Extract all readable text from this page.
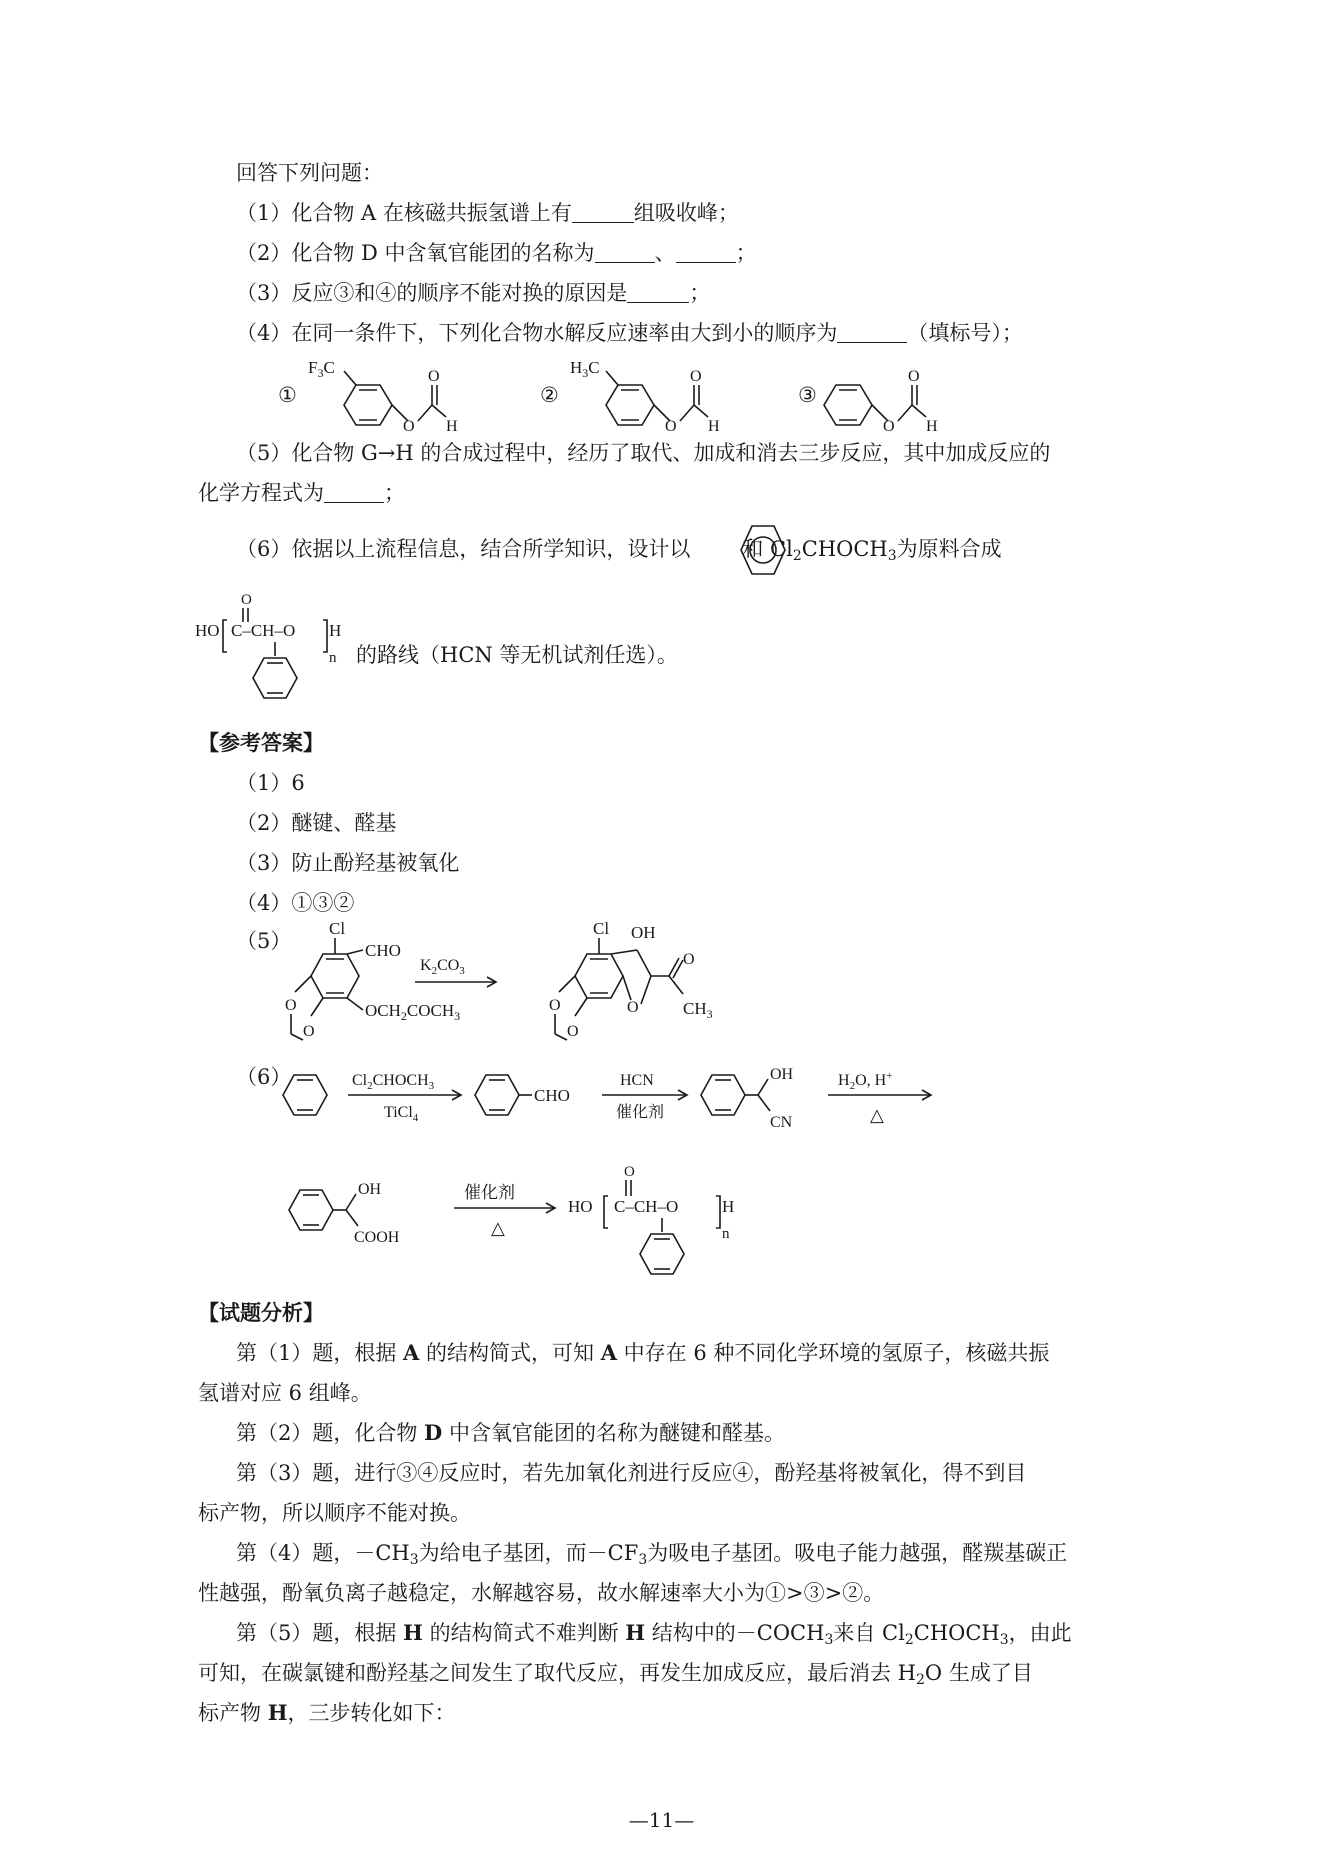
回答下列问题：
（1）化合物 A 在核磁共振氢谱上有	组吸收峰；
（2）化合物 D 中含氧官能团的名称为	、	；
（3）反应③和④的顺序不能对换的原因是	；
（4）在同一条件下，下列化合物水解反应速率由大到小的顺序为	（填标号）；
①
$F_3C$
O
O
H
②
$H_3C$
O
O
H
③
O
O
H
（5）化合物 G→H 的合成过程中，经历了取代、加成和消去三步反应，其中加成反应的
化学方程式为	；
（6）依据以上流程信息，结合所学知识，设计以 和 $Cl_2CHOCH_3$为原料合成
O
HO C–CH–O H
n 的路线（HCN 等无机试剂任选）。
【参考答案】
（1）6
（2）醚键、醛基
（3）防止酚羟基被氧化
（4）①③②
（5）
Cl
CHO
$OCH_2COCH_3$
O
O
$K_2CO_3$
Cl OH
O
O
$CH_3$
O
O
（6）	$Cl_2CHOCH_3$
TiCl$_4$
CHO
HCN
催化剂
OH
CN
$H_2O$, H+
△
OH
COOH
催化剂
△
O
HO C–CH–O	H
n
【试题分析】
第（1）题，根据 A 的结构简式，可知 A 中存在 6 种不同化学环境的氢原子，核磁共振
氢谱对应 6 组峰。
第（2）题，化合物 D 中含氧官能团的名称为醚键和醛基。
第（3）题，进行③④反应时，若先加氧化剂进行反应④，酚羟基将被氧化，得不到目
标产物，所以顺序不能对换。
第（4）题，$-CH_3$为给电子基团，而$-CF_3$为吸电子基团。吸电子能力越强，醛羰基碳正
性越强，酚氧负离子越稳定，水解越容易，故水解速率大小为①>③>②。
第（5）题，根据 H 的结构简式不难判断 H 结构中的$-COCH_3$来自 $Cl_2CHOCH_3$，由此
可知，在碳氯键和酚羟基之间发生了取代反应，再发生加成反应，最后消去 $H_2O$ 生成了目
标产物 H，三步转化如下：
—11—
